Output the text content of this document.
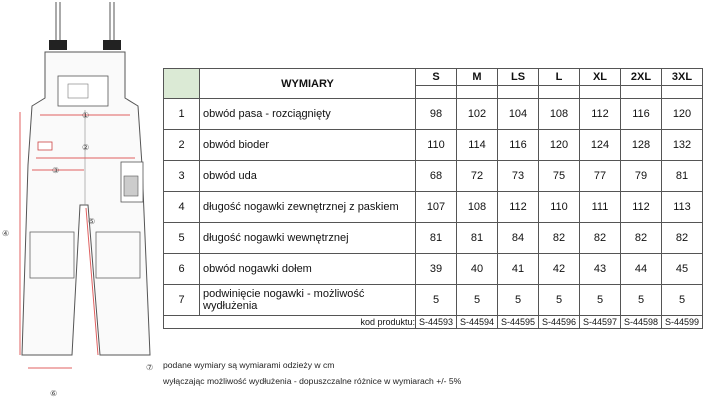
①
②
③
④
⑤
⑥
⑦
	WYMIARY	S	M	LS	L	XL	2XL	3XL

1	obwód pasa - rozciągnięty	98	102	104	108	112	116	120
2	obwód bioder	110	114	116	120	124	128	132
3	obwód uda	68	72	73	75	77	79	81
4	długość nogawki zewnętrznej z paskiem	107	108	112	110	111	112	113
5	długość nogawki wewnętrznej	81	81	84	82	82	82	82
6	obwód nogawki dołem	39	40	41	42	43	44	45
7	podwinięcie nogawki - możliwość wydłużenia	5	5	5	5	5	5	5
kod produktu:		S-44593	S-44594	S-44595	S-44596	S-44597	S-44598	S-44599
podane wymiary są wymiarami odzieży w cm
wyłączając możliwość wydłużenia - dopuszczalne różnice w wymiarach +/- 5%
